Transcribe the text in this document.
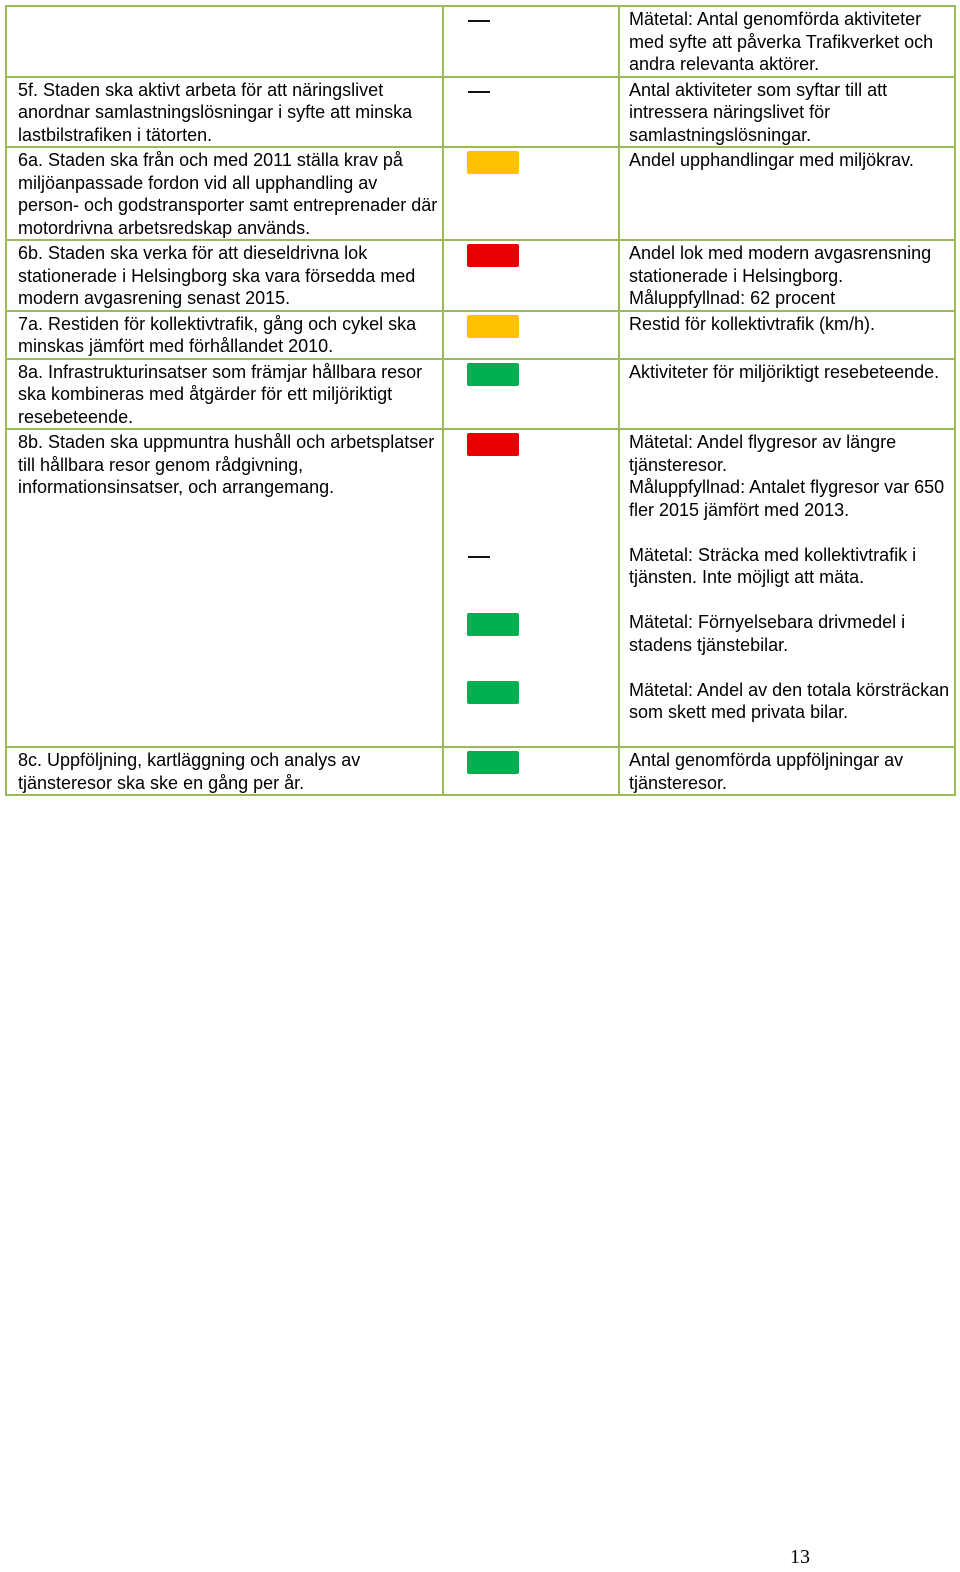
		Mätetal: Antal genomförda aktiviteter med syfte att påverka Trafikverket och andra relevanta aktörer.

5f. Staden ska aktivt arbeta för att näringslivet anordnar samlastningslösningar i syfte att minska lastbilstrafiken i tätorten.		Antal aktiviteter som syftar till att intressera näringslivet för samlastningslösningar.

6a. Staden ska från och med 2011 ställa krav på miljöanpassade fordon vid all upphandling av person- och godstransporter samt entreprenader där motordrivna arbetsredskap används.		Andel upphandlingar med miljökrav.

6b. Staden ska verka för att dieseldrivna lok stationerade i Helsingborg ska vara försedda med modern avgasrening senast 2015.		Andel lok med modern avgasrensning stationerade i Helsingborg.
Måluppfyllnad: 62 procent

7a. Restiden för kollektivtrafik, gång och cykel ska minskas jämfört med förhållandet 2010.		Restid för kollektivtrafik (km/h).

8a. Infrastrukturinsatser som främjar hållbara resor ska kombineras med åtgärder för ett miljöriktigt resebeteende.		Aktiviteter för miljöriktigt resebeteende.

8b. Staden ska uppmuntra hushåll och arbetsplatser till hållbara resor genom rådgivning, informationsinsatser, och arrangemang.		Mätetal: Andel flygresor av längre tjänsteresor.
Måluppfyllnad: Antalet flygresor var 650 fler 2015 jämfört med 2013.
Mätetal: Sträcka med kollektivtrafik i tjänsten. Inte möjligt att mäta.
Mätetal: Förnyelsebara drivmedel i stadens tjänstebilar.
Mätetal: Andel av den totala körsträckan som skett med privata bilar.

8c. Uppföljning, kartläggning och analys av tjänsteresor ska ske en gång per år.		Antal genomförda uppföljningar av tjänsteresor.
13
